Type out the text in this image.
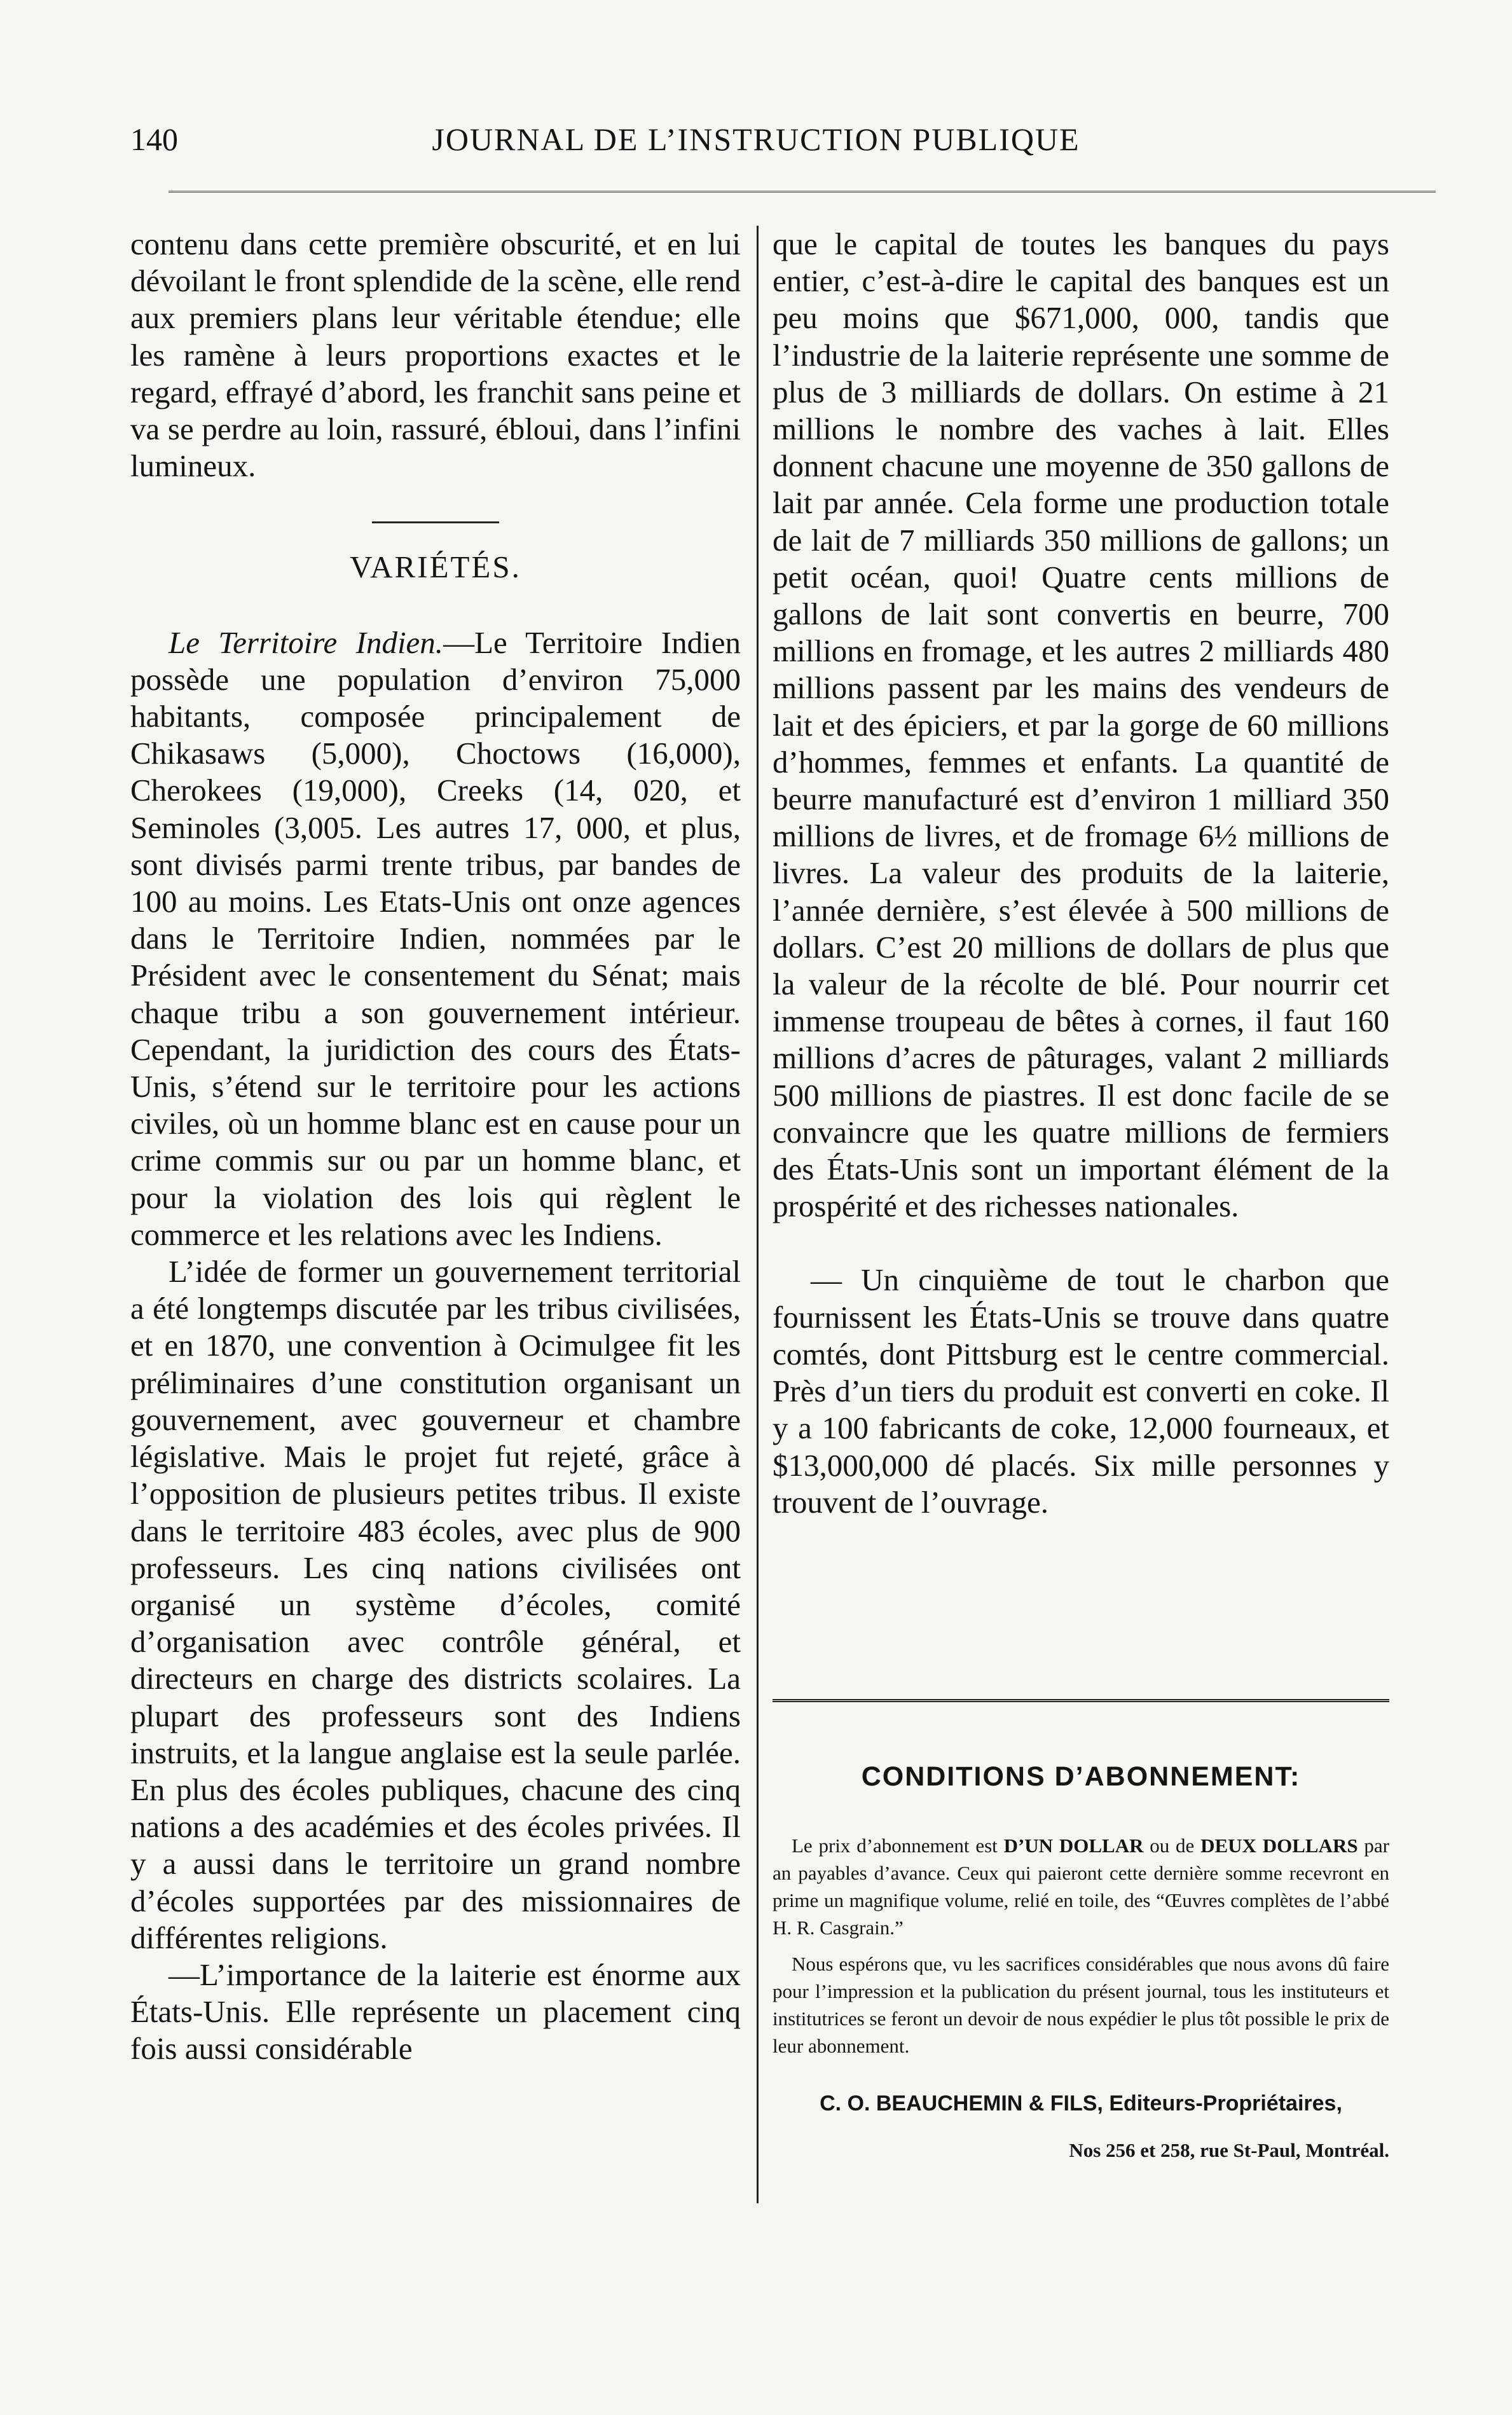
140	JOURNAL DE L’INSTRUCTION PUBLIQUE

contenu dans cette première obscurité, et en lui dévoilant le front splendide de la scène, elle rend aux premiers plans leur véritable étendue; elle les ramène à leurs proportions exactes et le regard, effrayé d’abord, les franchit sans peine et va se perdre au loin, rassuré, ébloui, dans l’infini lumineux.

VARIÉTÉS.

Le Territoire Indien.—Le Territoire Indien possède une population d’environ 75,000 habitants, composée principalement de Chikasaws (5,000), Choctows (16,000), Cherokees (19,000), Creeks (14, 020, et Seminoles (3,005. Les autres 17, 000, et plus, sont divisés parmi trente tribus, par bandes de 100 au moins. Les Etats-Unis ont onze agences dans le Territoire Indien, nommées par le Président avec le consentement du Sénat; mais chaque tribu a son gouvernement intérieur. Cependant, la juridiction des cours des États-Unis, s’étend sur le territoire pour les actions civiles, où un homme blanc est en cause pour un crime commis sur ou par un homme blanc, et pour la violation des lois qui règlent le commerce et les relations avec les Indiens.

L’idée de former un gouvernement territorial a été longtemps discutée par les tribus civilisées, et en 1870, une convention à Ocimulgee fit les préliminaires d’une constitution organisant un gouvernement, avec gouverneur et chambre législative. Mais le projet fut rejeté, grâce à l’opposition de plusieurs petites tribus. Il existe dans le territoire 483 écoles, avec plus de 900 professeurs. Les cinq nations civilisées ont organisé un système d’écoles, comité d’organisation avec contrôle général, et directeurs en charge des districts scolaires. La plupart des professeurs sont des Indiens instruits, et la langue anglaise est la seule parlée. En plus des écoles publiques, chacune des cinq nations a des académies et des écoles privées. Il y a aussi dans le territoire un grand nombre d’écoles supportées par des missionnaires de différentes religions.

—L’importance de la laiterie est énorme aux États-Unis. Elle représente un placement cinq fois aussi considérable

que le capital de toutes les banques du pays entier, c’est-à-dire le capital des banques est un peu moins que $671,000, 000, tandis que l’industrie de la laiterie représente une somme de plus de 3 milliards de dollars. On estime à 21 millions le nombre des vaches à lait. Elles donnent chacune une moyenne de 350 gallons de lait par année. Cela forme une production totale de lait de 7 milliards 350 millions de gallons; un petit océan, quoi! Quatre cents millions de gallons de lait sont convertis en beurre, 700 millions en fromage, et les autres 2 milliards 480 millions passent par les mains des vendeurs de lait et des épiciers, et par la gorge de 60 millions d’hommes, femmes et enfants. La quantité de beurre manufacturé est d’environ 1 milliard 350 millions de livres, et de fromage 6½ millions de livres. La valeur des produits de la laiterie, l’année dernière, s’est élevée à 500 millions de dollars. C’est 20 millions de dollars de plus que la valeur de la récolte de blé. Pour nourrir cet immense troupeau de bêtes à cornes, il faut 160 millions d’acres de pâturages, valant 2 milliards 500 millions de piastres. Il est donc facile de se convaincre que les quatre millions de fermiers des États-Unis sont un important élément de la prospérité et des richesses nationales.

— Un cinquième de tout le charbon que fournissent les États-Unis se trouve dans quatre comtés, dont Pittsburg est le centre commercial. Près d’un tiers du produit est converti en coke. Il y a 100 fabricants de coke, 12,000 fourneaux, et $13,000,000 dé placés. Six mille personnes y trouvent de l’ouvrage.

CONDITIONS D’ABONNEMENT:

Le prix d’abonnement est D’UN DOLLAR ou de DEUX DOLLARS par an payables d’avance. Ceux qui paieront cette dernière somme recevront en prime un magnifique volume, relié en toile, des “Œuvres complètes de l’abbé H. R. Casgrain.”

Nous espérons que, vu les sacrifices considérables que nous avons dû faire pour l’impression et la publication du présent journal, tous les instituteurs et institutrices se feront un devoir de nous expédier le plus tôt possible le prix de leur abonnement.

C. O. BEAUCHEMIN & FILS, Editeurs-Propriétaires,
Nos 256 et 258, rue St-Paul, Montréal.
